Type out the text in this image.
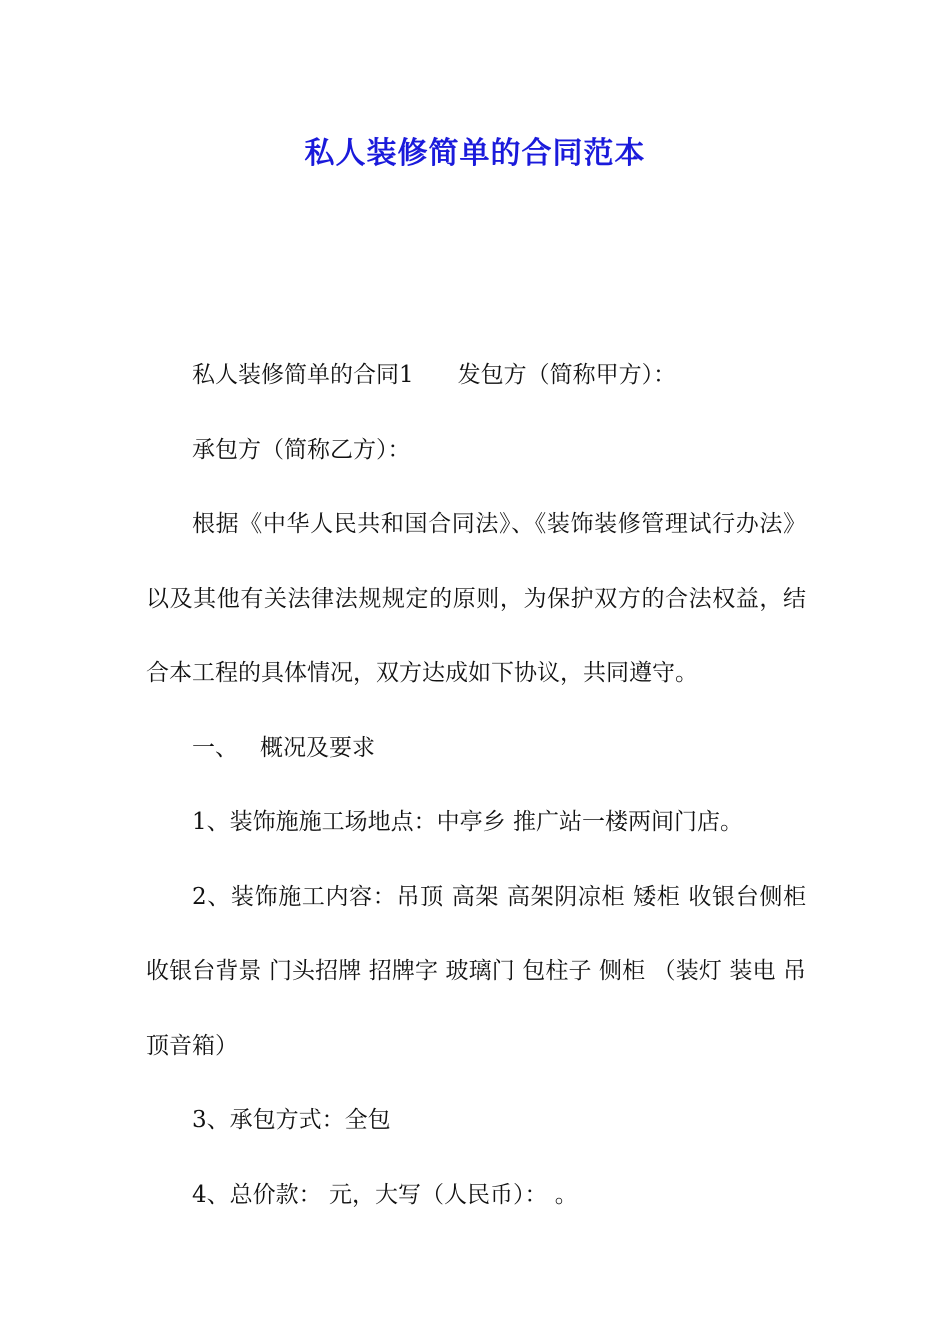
私人装修简单的合同范本

私人装修简单的合同1 发包方（简称甲方）：

承包方（简称乙方）：

根据《中华人民共和国合同法》、《装饰装修管理试行办法》以及其他有关法律法规规定的原则，为保护双方的合法权益，结合本工程的具体情况，双方达成如下协议，共同遵守。

一、 概况及要求

1、装饰施施工场地点：中亭乡 推广站一楼两间门店。

2、装饰施工内容：吊顶 高架 高架阴凉柜 矮柜 收银台侧柜 收银台背景 门头招牌 招牌字 玻璃门 包柱子 侧柜 （装灯 装电 吊顶音箱）

3、承包方式：全包

4、总价款： 元，大写（人民币）： 。
